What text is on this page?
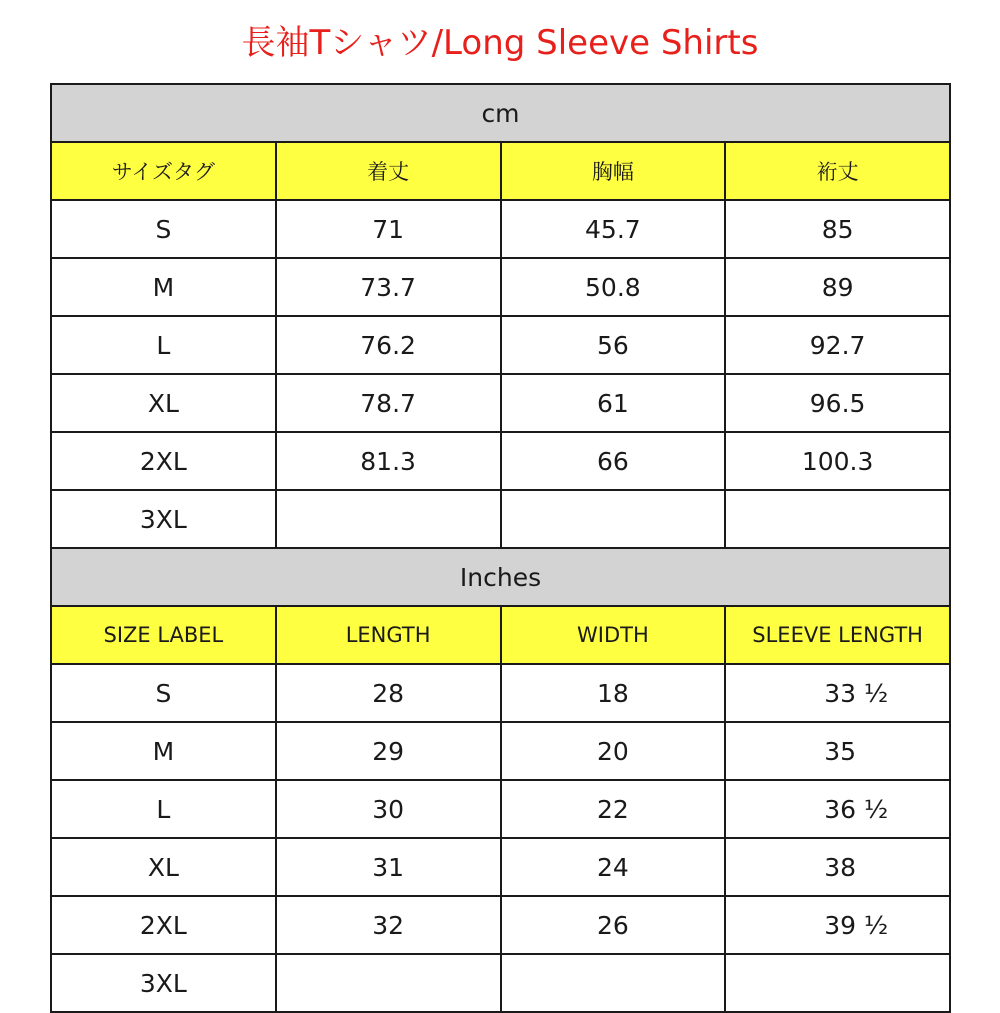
長袖Tシャツ/Long Sleeve Shirts
cm			
サイズタグ	着丈	胸幅	裄丈
S	71	45.7	85
M	73.7	50.8	89
L	76.2	56	92.7
XL	78.7	61	96.5
2XL	81.3	66	100.3
3XL			
Inches			
SIZE LABEL	LENGTH	WIDTH	SLEEVE LENGTH
S	28	18	33 ½
M	29	20	35
L	30	22	36 ½
XL	31	24	38
2XL	32	26	39 ½
3XL			
